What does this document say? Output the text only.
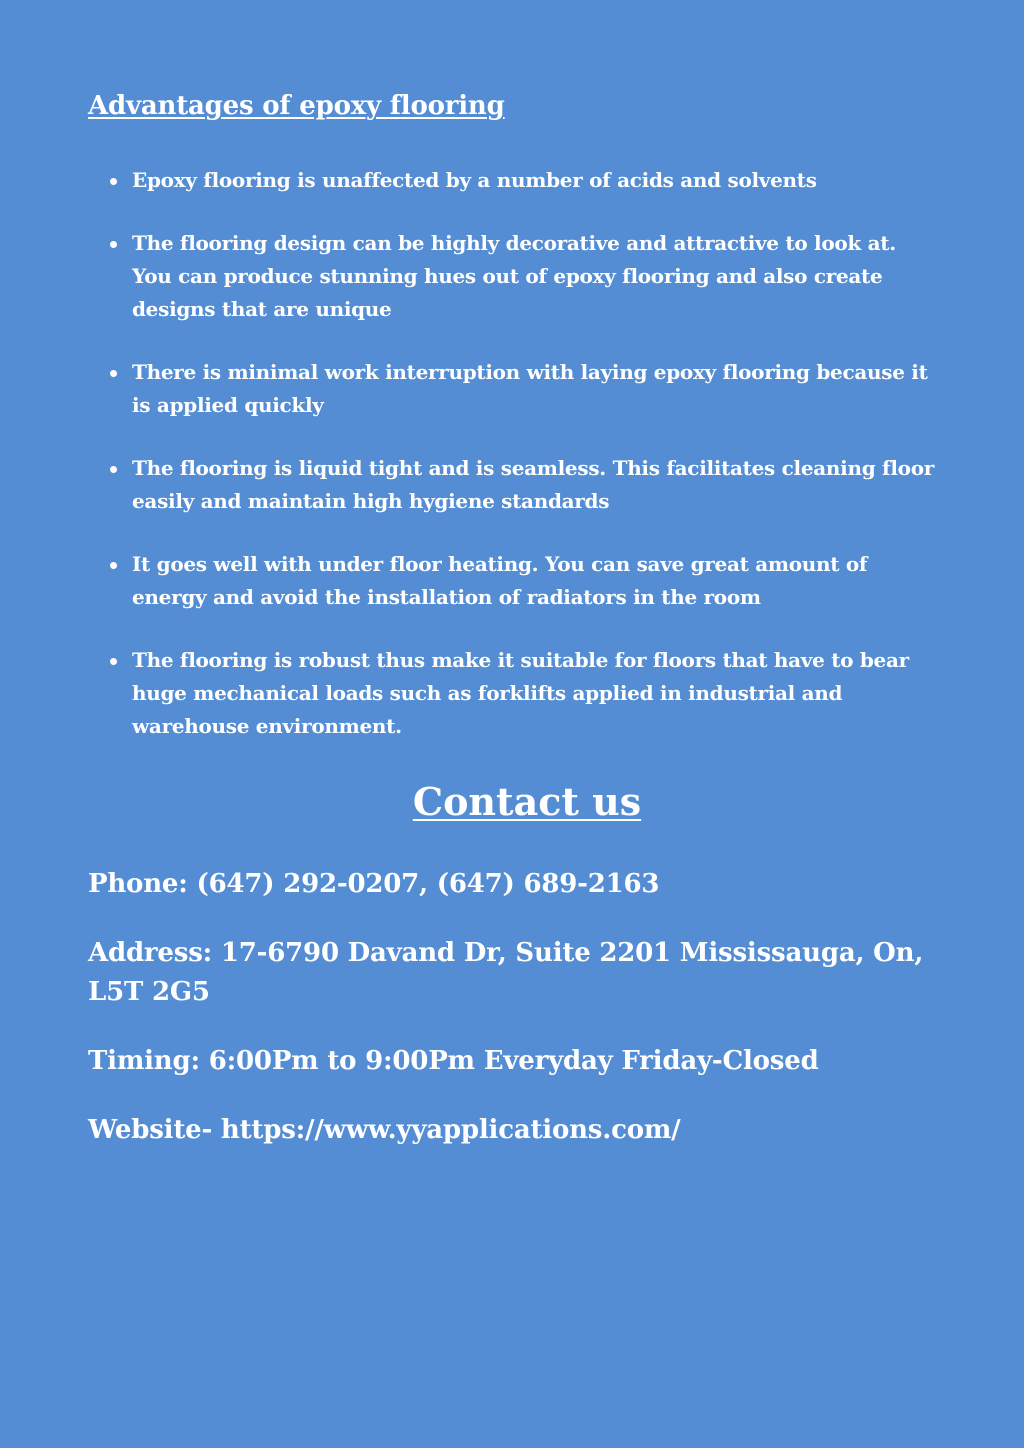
Advantages of epoxy flooring
Epoxy flooring is unaffected by a number of acids and solvents
The flooring design can be highly decorative and attractive to look at. You can produce stunning hues out of epoxy flooring and also create designs that are unique
There is minimal work interruption with laying epoxy flooring because it is applied quickly
The flooring is liquid tight and is seamless. This facilitates cleaning floor easily and maintain high hygiene standards
It goes well with under floor heating. You can save great amount of energy and avoid the installation of radiators in the room
The flooring is robust thus make it suitable for floors that have to bear huge mechanical loads such as forklifts applied in industrial and warehouse environment.
Contact us

Phone: (647) 292-0207, (647) 689-2163

Address: 17-6790 Davand Dr, Suite 2201 Mississauga, On, L5T 2G5

Timing: 6:00Pm to 9:00Pm Everyday Friday-Closed

Website- https://www.yyapplications.com/
